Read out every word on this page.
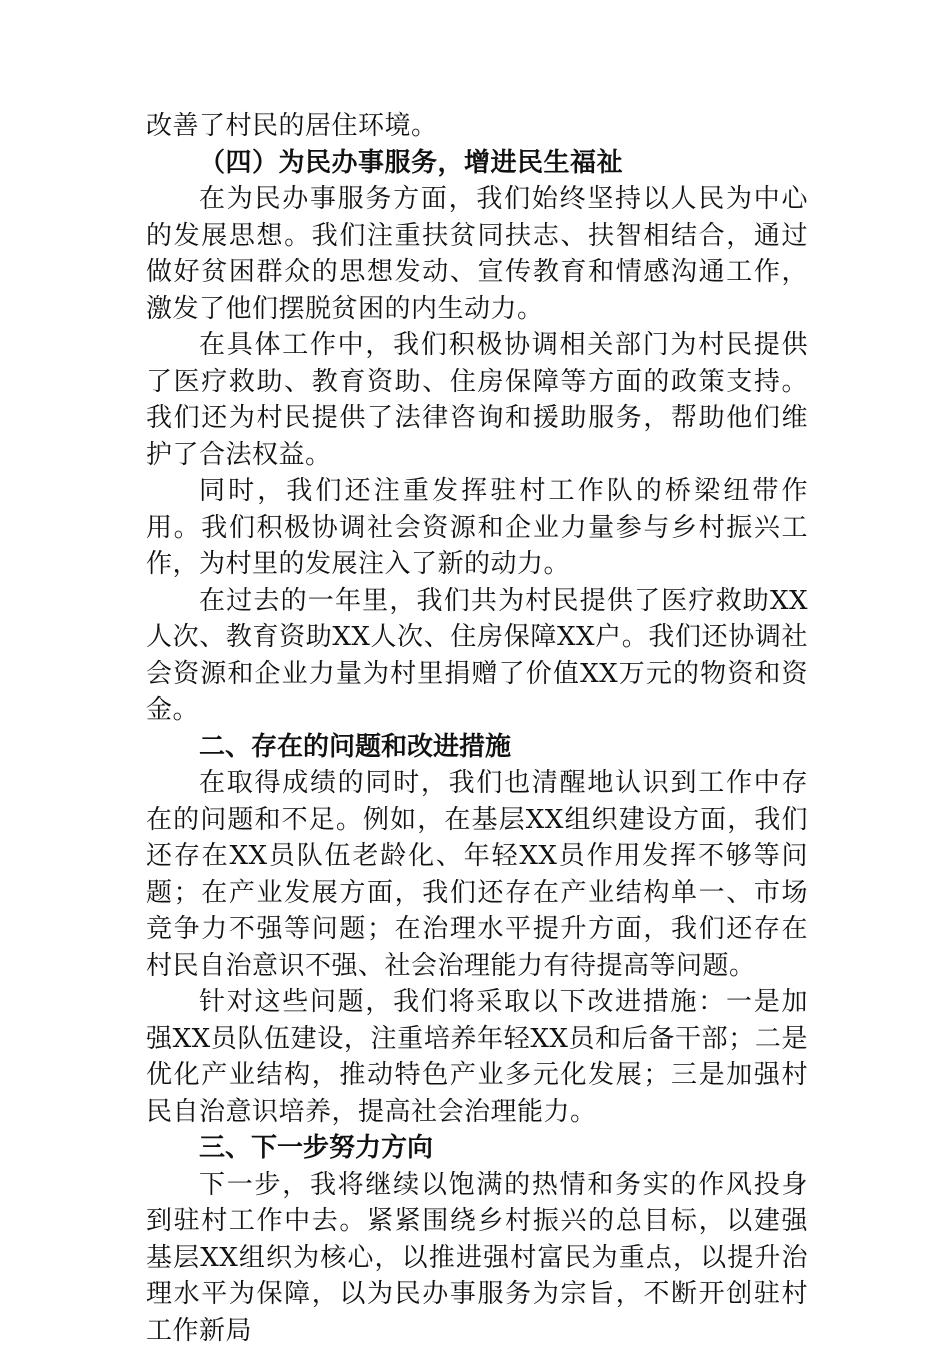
改善了村民的居住环境。

（四）为民办事服务，增进民生福祉

在为民办事服务方面，我们始终坚持以人民为中心的发展思想。我们注重扶贫同扶志、扶智相结合，通过做好贫困群众的思想发动、宣传教育和情感沟通工作，激发了他们摆脱贫困的内生动力。

在具体工作中，我们积极协调相关部门为村民提供了医疗救助、教育资助、住房保障等方面的政策支持。我们还为村民提供了法律咨询和援助服务，帮助他们维护了合法权益。

同时，我们还注重发挥驻村工作队的桥梁纽带作用。我们积极协调社会资源和企业力量参与乡村振兴工作，为村里的发展注入了新的动力。

在过去的一年里，我们共为村民提供了医疗救助XX人次、教育资助XX人次、住房保障XX户。我们还协调社会资源和企业力量为村里捐赠了价值XX万元的物资和资金。

二、存在的问题和改进措施

在取得成绩的同时，我们也清醒地认识到工作中存在的问题和不足。例如，在基层XX组织建设方面，我们还存在XX员队伍老龄化、年轻XX员作用发挥不够等问题；在产业发展方面，我们还存在产业结构单一、市场竞争力不强等问题；在治理水平提升方面，我们还存在村民自治意识不强、社会治理能力有待提高等问题。

针对这些问题，我们将采取以下改进措施：一是加强XX员队伍建设，注重培养年轻XX员和后备干部；二是优化产业结构，推动特色产业多元化发展；三是加强村民自治意识培养，提高社会治理能力。

三、下一步努力方向

下一步，我将继续以饱满的热情和务实的作风投身到驻村工作中去。紧紧围绕乡村振兴的总目标，以建强基层XX组织为核心，以推进强村富民为重点，以提升治理水平为保障，以为民办事服务为宗旨，不断开创驻村工作新局
